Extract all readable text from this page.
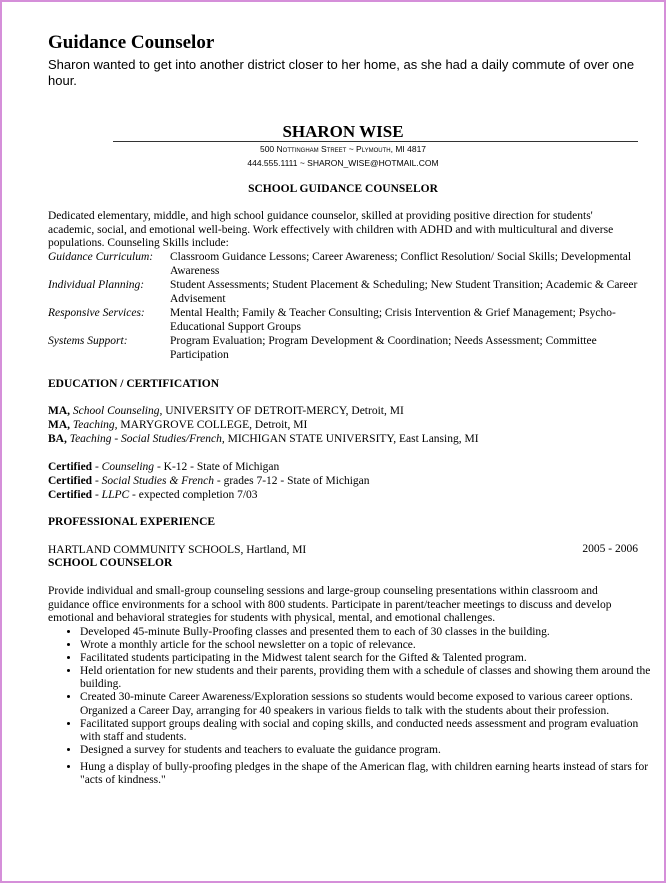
Guidance Counselor
Sharon wanted to get into another district closer to her home, as she had a daily commute of over one hour.
SHARON WISE
500 Nottingham Street ~ Plymouth, MI 4817
444.555.1111 ~ SHARON_WISE@HOTMAIL.COM
SCHOOL GUIDANCE COUNSELOR
Dedicated elementary, middle, and high school guidance counselor, skilled at providing positive direction for students' academic, social, and emotional well-being. Work effectively with children with ADHD and with multicultural and diverse populations. Counseling Skills include:
Guidance Curriculum: Classroom Guidance Lessons; Career Awareness; Conflict Resolution/ Social Skills; Developmental Awareness
Individual Planning: Student Assessments; Student Placement & Scheduling; New Student Transition; Academic & Career Advisement
Responsive Services: Mental Health; Family & Teacher Consulting; Crisis Intervention & Grief Management; Psycho-Educational Support Groups
Systems Support:	Program Evaluation; Program Development & Coordination; Needs Assessment; Committee Participation
EDUCATION / CERTIFICATION
MA, School Counseling, UNIVERSITY OF DETROIT-MERCY, Detroit, MI
MA, Teaching, MARYGROVE COLLEGE, Detroit, MI
BA, Teaching - Social Studies/French, MICHIGAN STATE UNIVERSITY, East Lansing, MI
Certified - Counseling - K-12 - State of Michigan
Certified - Social Studies & French - grades 7-12 - State of Michigan
Certified - LLPC - expected completion 7/03
PROFESSIONAL EXPERIENCE
HARTLAND COMMUNITY SCHOOLS, Hartland, MI	2005 - 2006
SCHOOL COUNSELOR
Provide individual and small-group counseling sessions and large-group counseling presentations within classroom and guidance office environments for a school with 800 students. Participate in parent/teacher meetings to discuss and develop emotional and behavioral strategies for students with physical, mental, and emotional challenges.
• Developed 45-minute Bully-Proofing classes and presented them to each of 30 classes in the building.
• Wrote a monthly article for the school newsletter on a topic of relevance.
• Facilitated students participating in the Midwest talent search for the Gifted & Talented program.
• Held orientation for new students and their parents, providing them with a schedule of classes and showing them around the building.
• Created 30-minute Career Awareness/Exploration sessions so students would become exposed to various career options. Organized a Career Day, arranging for 40 speakers in various fields to talk with the students about their profession.
• Facilitated support groups dealing with social and coping skills, and conducted needs assessment and program evaluation with staff and students.
• Designed a survey for students and teachers to evaluate the guidance program.
• Hung a display of bully-proofing pledges in the shape of the American flag, with children earning hearts instead of stars for "acts of kindness."
